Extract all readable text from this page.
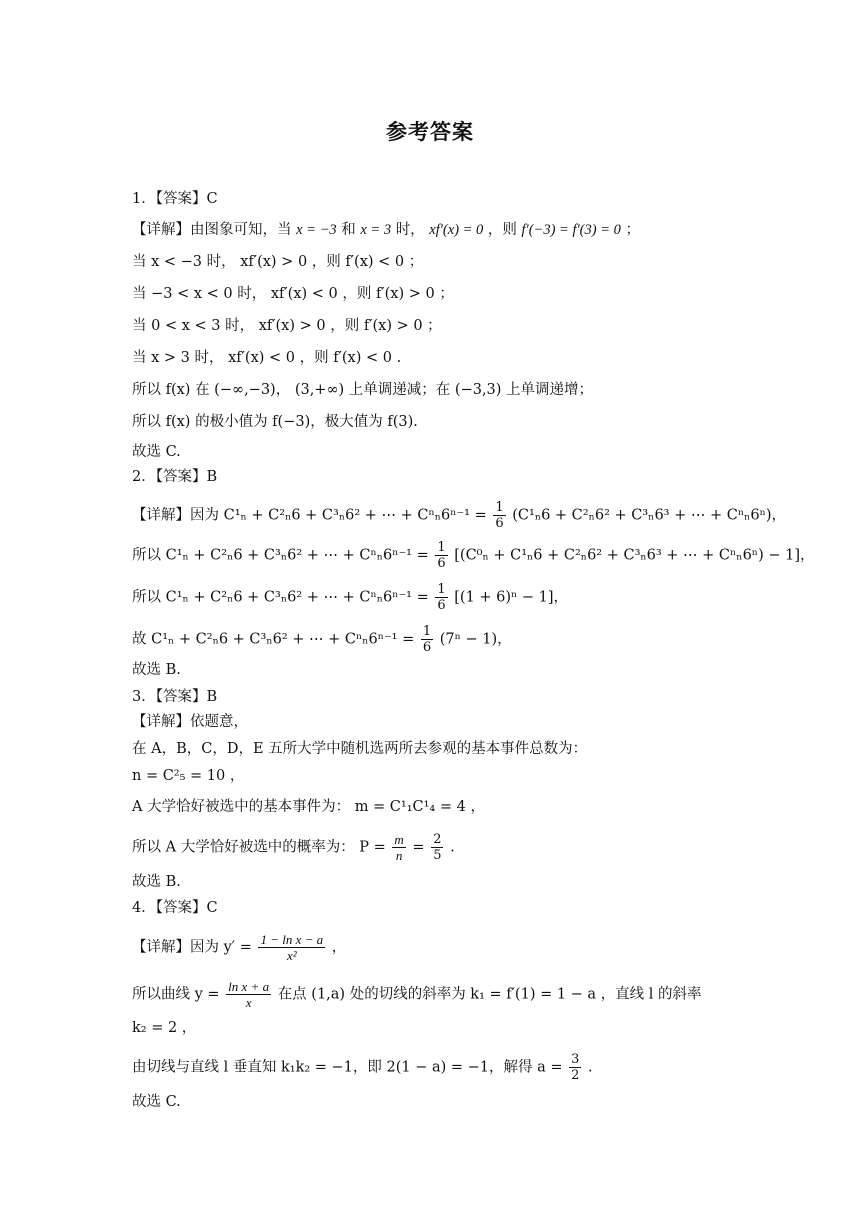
参考答案
1．【答案】C
【详解】由图象可知，当 x = −3 和 x = 3 时， xf′(x) = 0 ，则 f′(−3) = f′(3) = 0 ；
当 x < −3 时， xf′(x) > 0 ，则 f′(x) < 0 ；
当 −3 < x < 0 时， xf′(x) < 0 ，则 f′(x) > 0 ；
当 0 < x < 3 时， xf′(x) > 0 ，则 f′(x) > 0 ；
当 x > 3 时， xf′(x) < 0 ，则 f′(x) < 0 .
所以 f(x) 在 (−∞,−3)， (3,+∞) 上单调递减；在 (−3,3) 上单调递增；
所以 f(x) 的极小值为 f(−3)，极大值为 f(3).
故选 C.
2．【答案】B
【详解】因为 C¹ₙ + C²ₙ6 + C³ₙ6² + ⋯ + $C^n_n6^{n-1} = \frac{1}{6} (C^1_n6 + C^2_n6^2 + C^3_n6^3$ + ⋯ + Cⁿₙ6ⁿ)，
所以 C¹ₙ + C²ₙ6 + C³ₙ6² + ⋯ + $C^n_n6^{n-1} = \frac{1}{6} [(C^0_n + C^1_n6 + C^2_n6^2 + C^3_n6^3$ + ⋯ + Cⁿₙ6ⁿ) − 1]，
所以 C¹ₙ + C²ₙ6 + C³ₙ6² + ⋯ + $C^n_n6^{n-1} = \frac{1}{6} [(1 + 6)^n - 1]$，
故 C¹ₙ + C²ₙ6 + C³ₙ6² + ⋯ + $C^n_n6^{n-1} = \frac{1}{6} (7^n - 1)$，
故选 B.
3．【答案】B
【详解】依题意，
在 A，B，C，D，E 五所大学中随机选两所去参观的基本事件总数为：
n = C²₅ = 10 ，
A 大学恰好被选中的基本事件为： m = C¹₁C¹₄ = 4 ，
所以 A 大学恰好被选中的概率为： $P = \frac{m}{n} = \frac{2}{5}$ .
故选 B.
4．【答案】C
【详解】因为 $y' = \frac{\text{1 − ln x − a}}{\text{x²}}$ ，
所以曲线 $y = \frac{\text{ln x + a}}{x}$ 在点 (1,a) 处的切线的斜率为 k₁ = f′(1) = 1 − a ，直线 l 的斜率
k₂ = 2 ，
由切线与直线 l 垂直知 k₁k₂ = −1，即 2(1 − a) = −1，解得 $a = \frac{3}{2}$ .
故选 C.
